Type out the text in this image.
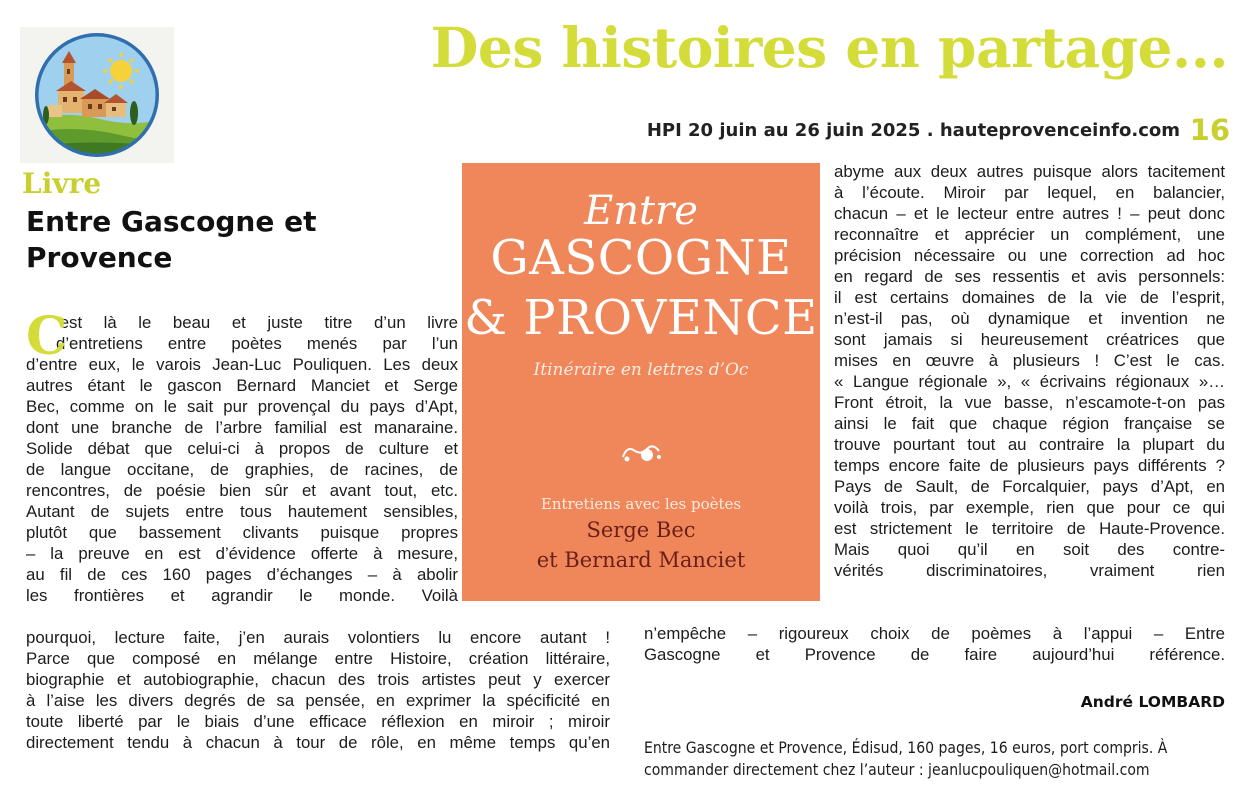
Des histoires en partage...
HPI 20 juin au 26 juin 2025 . hauteprovenceinfo.com 16
Livre
Entre Gascogne et
Provence
C
’est là le beau et juste titre d’un livre
d’entretiens entre poètes menés par l’un
d’entre eux, le varois Jean-Luc Pouliquen. Les deux
autres étant le gascon Bernard Manciet et Serge
Bec, comme on le sait pur provençal du pays d’Apt,
dont une branche de l’arbre familial est manaraine.
Solide débat que celui-ci à propos de culture et
de langue occitane, de graphies, de racines, de
rencontres, de poésie bien sûr et avant tout, etc.
Autant de sujets entre tous hautement sensibles,
plutôt que bassement clivants puisque propres
– la preuve en est d’évidence offerte à mesure,
au fil de ces 160 pages d’échanges – à abolir
les frontières et agrandir le monde. Voilà
pourquoi, lecture faite, j’en aurais volontiers lu encore autant !
Parce que composé en mélange entre Histoire, création littéraire,
biographie et autobiographie, chacun des trois artistes peut y exercer
à l’aise les divers degrés de sa pensée, en exprimer la spécificité en
toute liberté par le biais d’une efficace réflexion en miroir ; miroir
directement tendu à chacun à tour de rôle, en même temps qu’en
Entre
GASCOGNE
& PROVENCE
Itinéraire en lettres d’Oc
Entretiens avec les poètes
Serge Bec
et Bernard Manciet
abyme aux deux autres puisque alors tacitement
à l’écoute. Miroir par lequel, en balancier,
chacun – et le lecteur entre autres ! – peut donc
reconnaître et apprécier un complément, une
précision nécessaire ou une correction ad hoc
en regard de ses ressentis et avis personnels:
il est certains domaines de la vie de l’esprit,
n’est-il pas, où dynamique et invention ne
sont jamais si heureusement créatrices que
mises en œuvre à plusieurs ! C’est le cas.
« Langue régionale », « écrivains régionaux »…
Front étroit, la vue basse, n’escamote-t-on pas
ainsi le fait que chaque région française se
trouve pourtant tout au contraire la plupart du
temps encore faite de plusieurs pays différents ?
Pays de Sault, de Forcalquier, pays d’Apt, en
voilà trois, par exemple, rien que pour ce qui
est strictement le territoire de Haute-Provence.
Mais quoi qu’il en soit des contre-
vérités discriminatoires, vraiment rien
n’empêche – rigoureux choix de poèmes à l’appui – Entre
Gascogne et Provence de faire aujourd’hui référence.
André LOMBARD
Entre Gascogne et Provence, Édisud, 160 pages, 16 euros, port compris. À
commander directement chez l’auteur : jeanlucpouliquen@hotmail.com
